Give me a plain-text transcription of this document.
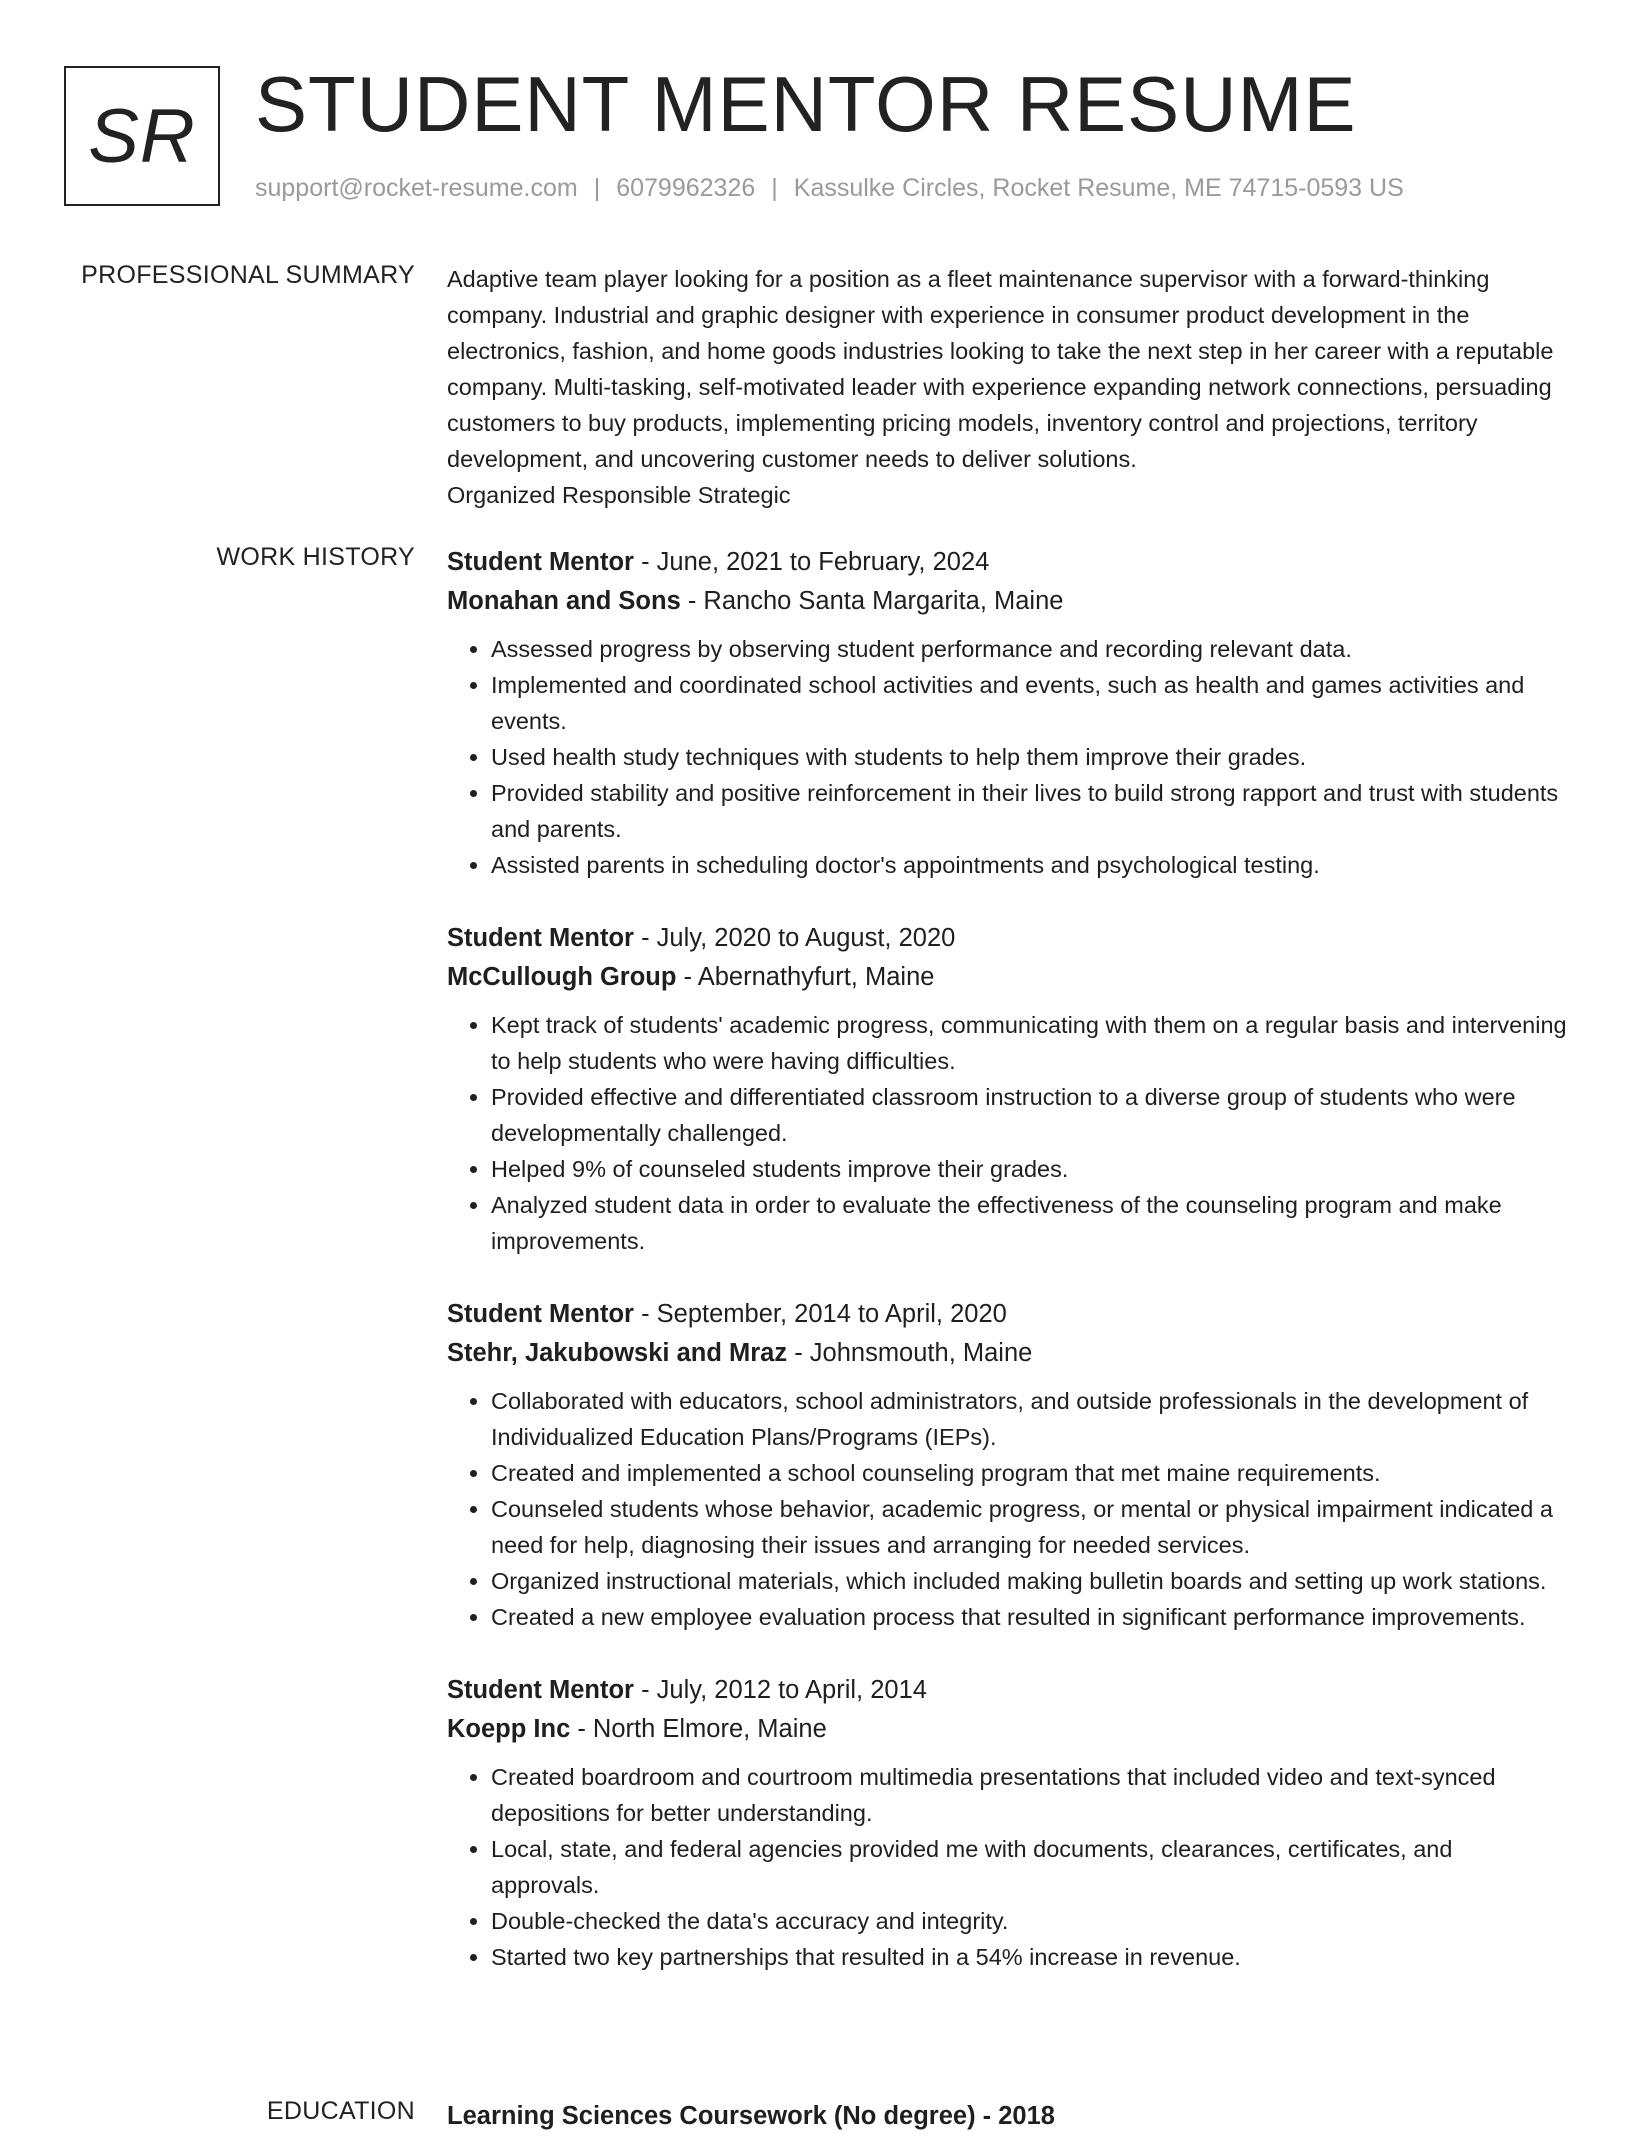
SR STUDENT MENTOR RESUME
support@rocket-resume.com | 6079962326 | Kassulke Circles, Rocket Resume, ME 74715-0593 US
PROFESSIONAL SUMMARY Adaptive team player looking for a position as a fleet maintenance supervisor with a forward-thinking company. Industrial and graphic designer with experience in consumer product development in the electronics, fashion, and home goods industries looking to take the next step in her career with a reputable company. Multi-tasking, self-motivated leader with experience expanding network connections, persuading customers to buy products, implementing pricing models, inventory control and projections, territory development, and uncovering customer needs to deliver solutions.
Organized Responsible Strategic

WORK HISTORY Student Mentor - June, 2021 to February, 2024
Monahan and Sons - Rancho Santa Margarita, Maine
• Assessed progress by observing student performance and recording relevant data.
• Implemented and coordinated school activities and events, such as health and games activities and events.
• Used health study techniques with students to help them improve their grades.
• Provided stability and positive reinforcement in their lives to build strong rapport and trust with students and parents.
• Assisted parents in scheduling doctor's appointments and psychological testing.
Student Mentor - July, 2020 to August, 2020
McCullough Group - Abernathyfurt, Maine
• Kept track of students' academic progress, communicating with them on a regular basis and intervening to help students who were having difficulties.
• Provided effective and differentiated classroom instruction to a diverse group of students who were developmentally challenged.
• Helped 9% of counseled students improve their grades.
• Analyzed student data in order to evaluate the effectiveness of the counseling program and make improvements.
Student Mentor - September, 2014 to April, 2020
Stehr, Jakubowski and Mraz - Johnsmouth, Maine
• Collaborated with educators, school administrators, and outside professionals in the development of Individualized Education Plans/Programs (IEPs).
• Created and implemented a school counseling program that met maine requirements.
• Counseled students whose behavior, academic progress, or mental or physical impairment indicated a need for help, diagnosing their issues and arranging for needed services.
• Organized instructional materials, which included making bulletin boards and setting up work stations.
• Created a new employee evaluation process that resulted in significant performance improvements.
Student Mentor - July, 2012 to April, 2014
Koepp Inc - North Elmore, Maine
• Created boardroom and courtroom multimedia presentations that included video and text-synced depositions for better understanding.
• Local, state, and federal agencies provided me with documents, clearances, certificates, and approvals.
• Double-checked the data's accuracy and integrity.
• Started two key partnerships that resulted in a 54% increase in revenue.
EDUCATION Learning Sciences Coursework (No degree) - 2018
